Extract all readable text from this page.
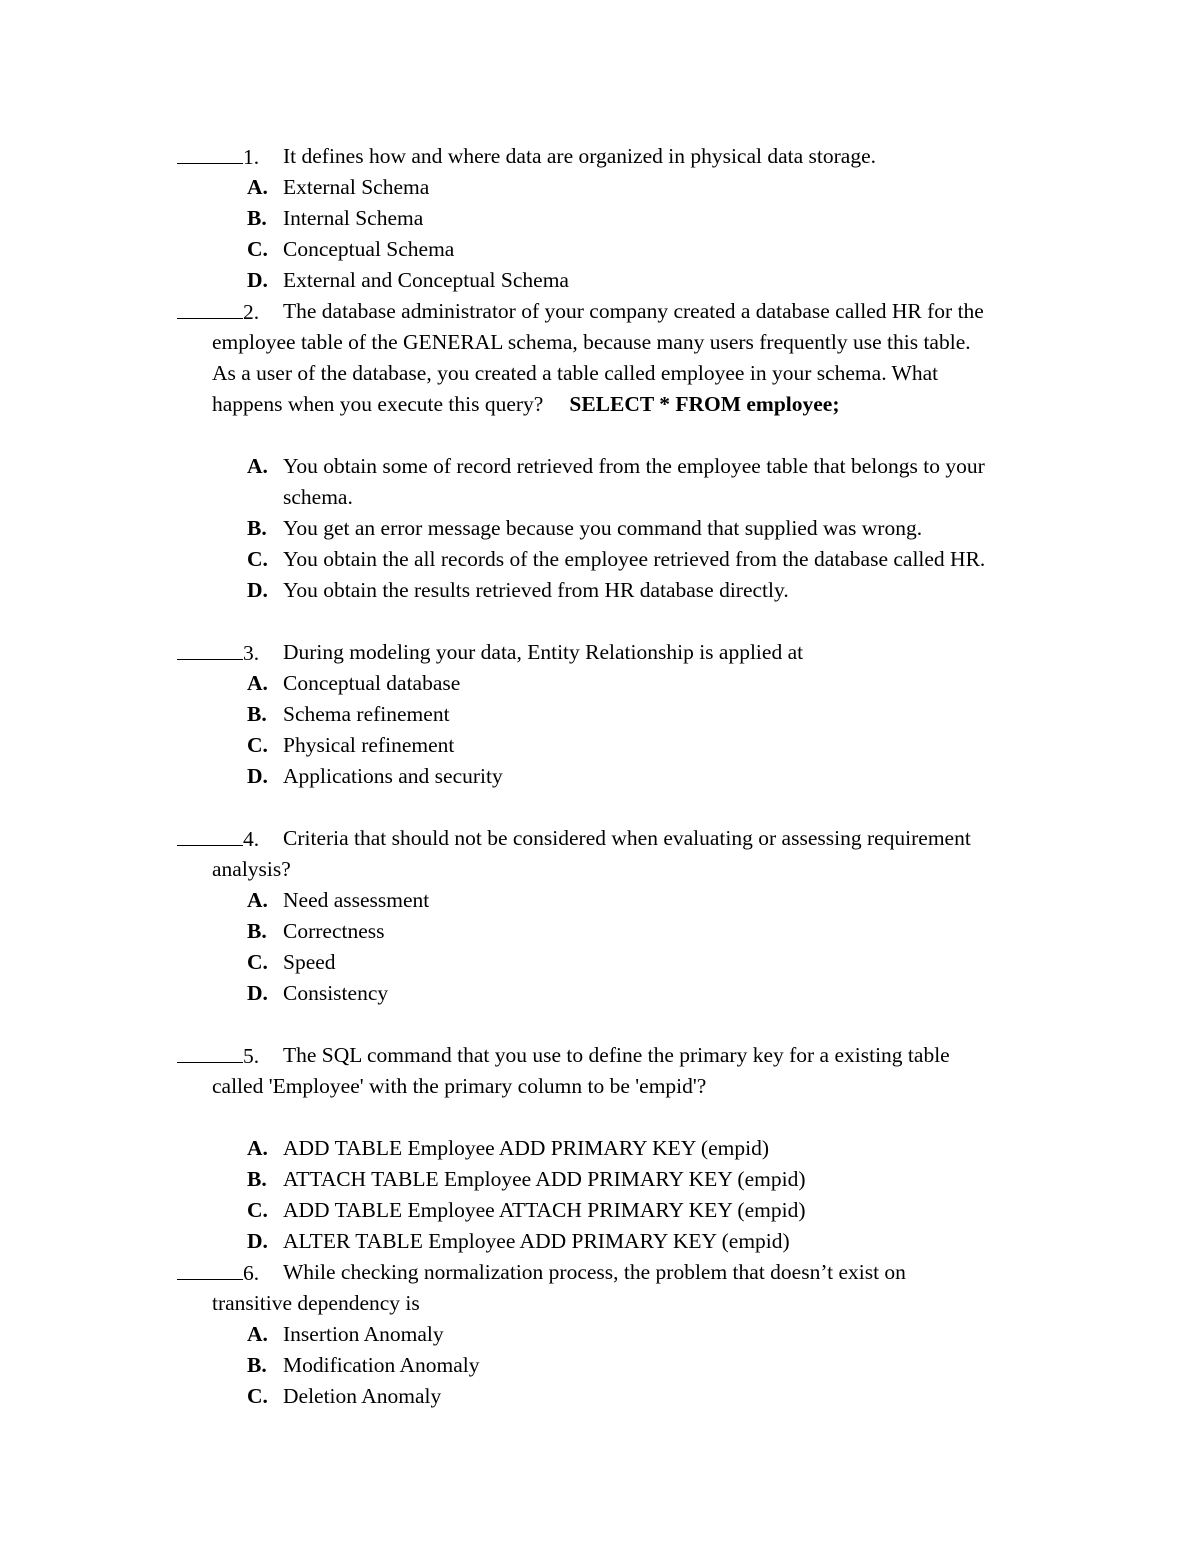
1. It defines how and where data are organized in physical data storage.
A. External Schema
B. Internal Schema
C. Conceptual Schema
D. External and Conceptual Schema
2. The database administrator of your company created a database called HR for the
employee table of the GENERAL schema, because many users frequently use this table.
As a user of the database, you created a table called employee in your schema. What
happens when you execute this query? SELECT * FROM employee;
A. You obtain some of record retrieved from the employee table that belongs to your
schema.
B. You get an error message because you command that supplied was wrong.
C. You obtain the all records of the employee retrieved from the database called HR.
D. You obtain the results retrieved from HR database directly.
3. During modeling your data, Entity Relationship is applied at
A. Conceptual database
B. Schema refinement
C. Physical refinement
D. Applications and security
4. Criteria that should not be considered when evaluating or assessing requirement
analysis?
A. Need assessment
B. Correctness
C. Speed
D. Consistency
5. The SQL command that you use to define the primary key for a existing table
called 'Employee' with the primary column to be 'empid'?
A. ADD TABLE Employee ADD PRIMARY KEY (empid)
B. ATTACH TABLE Employee ADD PRIMARY KEY (empid)
C. ADD TABLE Employee ATTACH PRIMARY KEY (empid)
D. ALTER TABLE Employee ADD PRIMARY KEY (empid)
6. While checking normalization process, the problem that doesn’t exist on
transitive dependency is
A. Insertion Anomaly
B. Modification Anomaly
C. Deletion Anomaly
